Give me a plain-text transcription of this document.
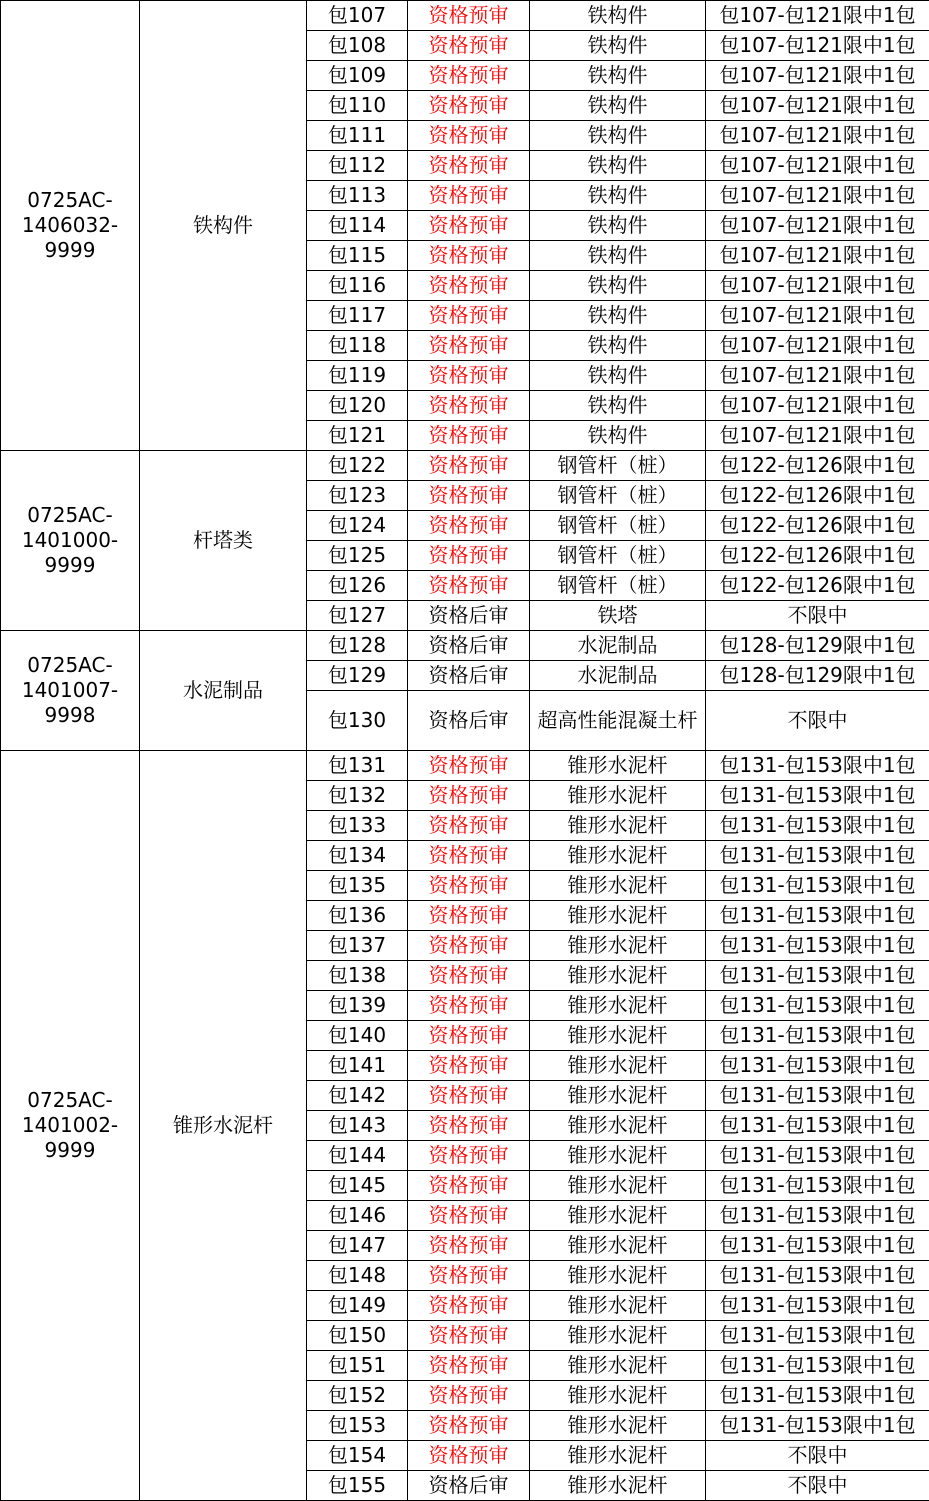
0725AC-
1406032-
9999	铁构件	包107	资格预审	铁构件	包107-包121限中1包
		包108	资格预审	铁构件	包107-包121限中1包
		包109	资格预审	铁构件	包107-包121限中1包
		包110	资格预审	铁构件	包107-包121限中1包
		包111	资格预审	铁构件	包107-包121限中1包
		包112	资格预审	铁构件	包107-包121限中1包
		包113	资格预审	铁构件	包107-包121限中1包
		包114	资格预审	铁构件	包107-包121限中1包
		包115	资格预审	铁构件	包107-包121限中1包
		包116	资格预审	铁构件	包107-包121限中1包
		包117	资格预审	铁构件	包107-包121限中1包
		包118	资格预审	铁构件	包107-包121限中1包
		包119	资格预审	铁构件	包107-包121限中1包
		包120	资格预审	铁构件	包107-包121限中1包
		包121	资格预审	铁构件	包107-包121限中1包
0725AC-
1401000-
9999	杆塔类	包122	资格预审	钢管杆（桩）	包122-包126限中1包
		包123	资格预审	钢管杆（桩）	包122-包126限中1包
		包124	资格预审	钢管杆（桩）	包122-包126限中1包
		包125	资格预审	钢管杆（桩）	包122-包126限中1包
		包126	资格预审	钢管杆（桩）	包122-包126限中1包
		包127	资格后审	铁塔	不限中
0725AC-
1401007-
9998	水泥制品	包128	资格后审	水泥制品	包128-包129限中1包
		包129	资格后审	水泥制品	包128-包129限中1包
		包130	资格后审	超高性能混凝土杆	不限中
0725AC-
1401002-
9999	锥形水泥杆	包131	资格预审	锥形水泥杆	包131-包153限中1包
		包132	资格预审	锥形水泥杆	包131-包153限中1包
		包133	资格预审	锥形水泥杆	包131-包153限中1包
		包134	资格预审	锥形水泥杆	包131-包153限中1包
		包135	资格预审	锥形水泥杆	包131-包153限中1包
		包136	资格预审	锥形水泥杆	包131-包153限中1包
		包137	资格预审	锥形水泥杆	包131-包153限中1包
		包138	资格预审	锥形水泥杆	包131-包153限中1包
		包139	资格预审	锥形水泥杆	包131-包153限中1包
		包140	资格预审	锥形水泥杆	包131-包153限中1包
		包141	资格预审	锥形水泥杆	包131-包153限中1包
		包142	资格预审	锥形水泥杆	包131-包153限中1包
		包143	资格预审	锥形水泥杆	包131-包153限中1包
		包144	资格预审	锥形水泥杆	包131-包153限中1包
		包145	资格预审	锥形水泥杆	包131-包153限中1包
		包146	资格预审	锥形水泥杆	包131-包153限中1包
		包147	资格预审	锥形水泥杆	包131-包153限中1包
		包148	资格预审	锥形水泥杆	包131-包153限中1包
		包149	资格预审	锥形水泥杆	包131-包153限中1包
		包150	资格预审	锥形水泥杆	包131-包153限中1包
		包151	资格预审	锥形水泥杆	包131-包153限中1包
		包152	资格预审	锥形水泥杆	包131-包153限中1包
		包153	资格预审	锥形水泥杆	包131-包153限中1包
		包154	资格预审	锥形水泥杆	不限中
		包155	资格后审	锥形水泥杆	不限中
